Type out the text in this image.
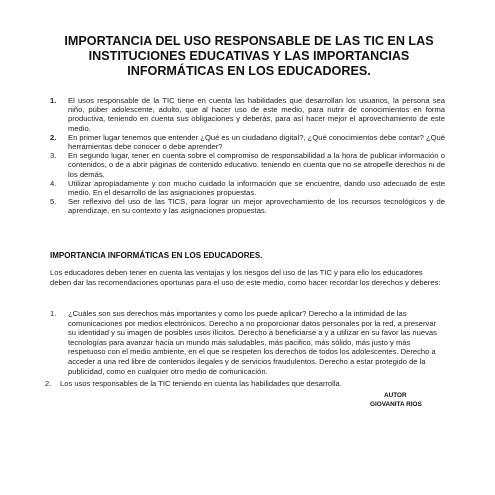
IMPORTANCIA DEL USO RESPONSABLE DE LAS TIC EN LAS INSTITUCIONES EDUCATIVAS Y LAS IMPORTANCIAS INFORMÁTICAS EN LOS EDUCADORES.
1. El usos responsable de la TIC tiene en cuenta las habilidades que desarrollan los usuarios, la persona sea niño, púber adolescente, adulto, que al hacer uso de este medio, para nutrir de conocimientos en forma productiva, teniendo en cuenta sus obligaciones y deberás, para así hacer mejor el aprovechamiento de este medio.
2. En primer lugar tenemos que entender ¿Qué es un ciudadano digital?, ¿Qué conocimientos debe contar? ¿Qué herramientas debe conocer o debe aprender?
3. En segundo lugar, tener en cuenta sobre el compromiso de responsabilidad a la hora de publicar información o contenidos, o de a abrir páginas de contenido educativo. teniendo en cuenta que no se atropelle derechos ni de los demás.
4. Utilizar apropiadamente y con mucho cuidado la información que se encuentre, dando uso adecuado de este medio. En el desarrollo de las asignaciones propuestas.
5. Ser reflexivo del uso de las TICS, para lograr un mejor aprovechamiento de los recursos tecnológicos y de aprendizaje, en su contexto y las asignaciones propuestas.
IMPORTANCIA INFORMÁTICAS EN LOS EDUCADORES.
Los educadores deben tener en cuenta las ventajas y los riesgos del uso de las TIC y para ello los educadores deben dar las recomendaciones oportunas para el uso de este medio, como hacer recordar los derechos y deberes:
1. ¿Cuáles son sus derechos más importantes y como los puede aplicar? Derecho a la intimidad de las comunicaciones por medios electrónicos. Derecho a no proporcionar datos personales por la red, a preservar su identidad y su imagen de posibles usos ilícitos. Derecho a beneficiarse a y a utilizar en su favor las nuevas tecnologías para avanzar hacia un mundo más saludables, más pacifico, más sólido, más justo y más respetuoso con el medio ambiente, en el que se respeten los derechos de todos los adolescentes. Derecho a acceder a una red libre de contenidos ilegales y de servicios fraudulentos. Derecho a estar protegido de la publicidad, como en cualquier otro medio de comunicación.
2. Los usos responsables de la TIC teniendo en cuenta las habilidades que desarrolla.
AUTOR
GIOVANITA RIOS
